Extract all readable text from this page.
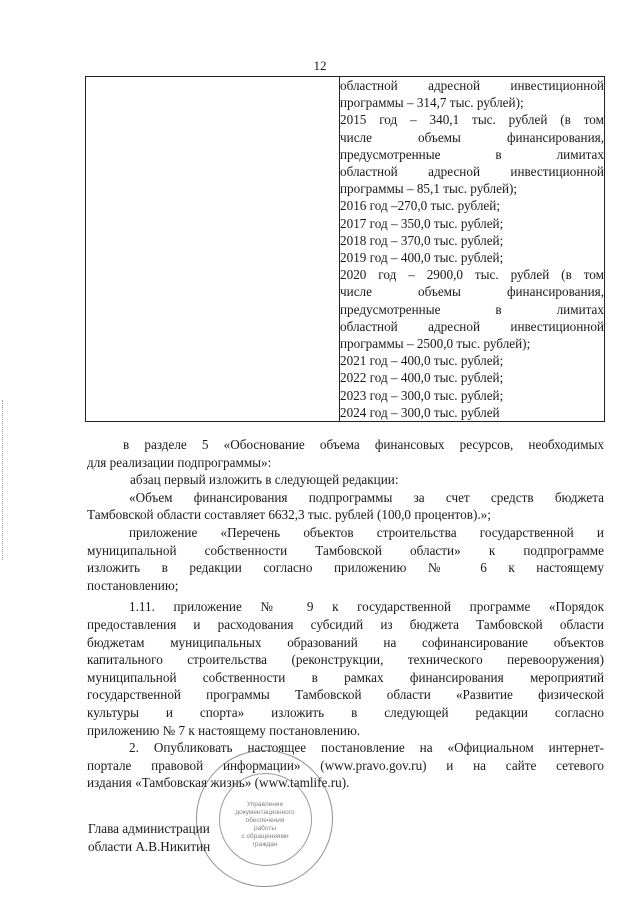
12

областной адресной инвестиционной
программы – 314,7 тыс. рублей);
2015 год – 340,1 тыс. рублей (в том
числе объемы финансирования,
предусмотренные в лимитах
областной адресной инвестиционной
программы – 85,1 тыс. рублей);
2016 год –270,0 тыс. рублей;
2017 год – 350,0 тыс. рублей;
2018 год – 370,0 тыс. рублей;
2019 год – 400,0 тыс. рублей;
2020 год – 2900,0 тыс. рублей (в том
числе объемы финансирования,
предусмотренные в лимитах
областной адресной инвестиционной
программы – 2500,0 тыс. рублей);
2021 год – 400,0 тыс. рублей;
2022 год – 400,0 тыс. рублей;
2023 год – 300,0 тыс. рублей;
2024 год – 300,0 тыс. рублей
в разделе 5 «Обоснование объема финансовых ресурсов, необходимых
для реализации подпрограммы»:
абзац первый изложить в следующей редакции:
«Объем финансирования подпрограммы за счет средств бюджета
Тамбовской области составляет 6632,3 тыс. рублей (100,0 процентов).»;
приложение «Перечень объектов строительства государственной и
муниципальной собственности Тамбовской области» к подпрограмме
изложить в редакции согласно приложению № 6 к настоящему
постановлению;
1.11. приложение № 9 к государственной программе «Порядок
предоставления и расходования субсидий из бюджета Тамбовской области
бюджетам муниципальных образований на софинансирование объектов
капитального строительства (реконструкции, технического перевооружения)
муниципальной собственности в рамках финансирования мероприятий
государственной программы Тамбовской области «Развитие физической
культуры и спорта» изложить в следующей редакции согласно
приложению № 7 к настоящему постановлению.
2. Опубликовать настоящее постановление на «Официальном интернет-
портале правовой информации» (www.pravo.gov.ru) и на сайте сетевого
издания «Тамбовская жизнь» (www.tamlife.ru).
Управление
документационного
обеспечения
работы
с обращениями
граждан
Глава администрации
области А.В.Никитин
